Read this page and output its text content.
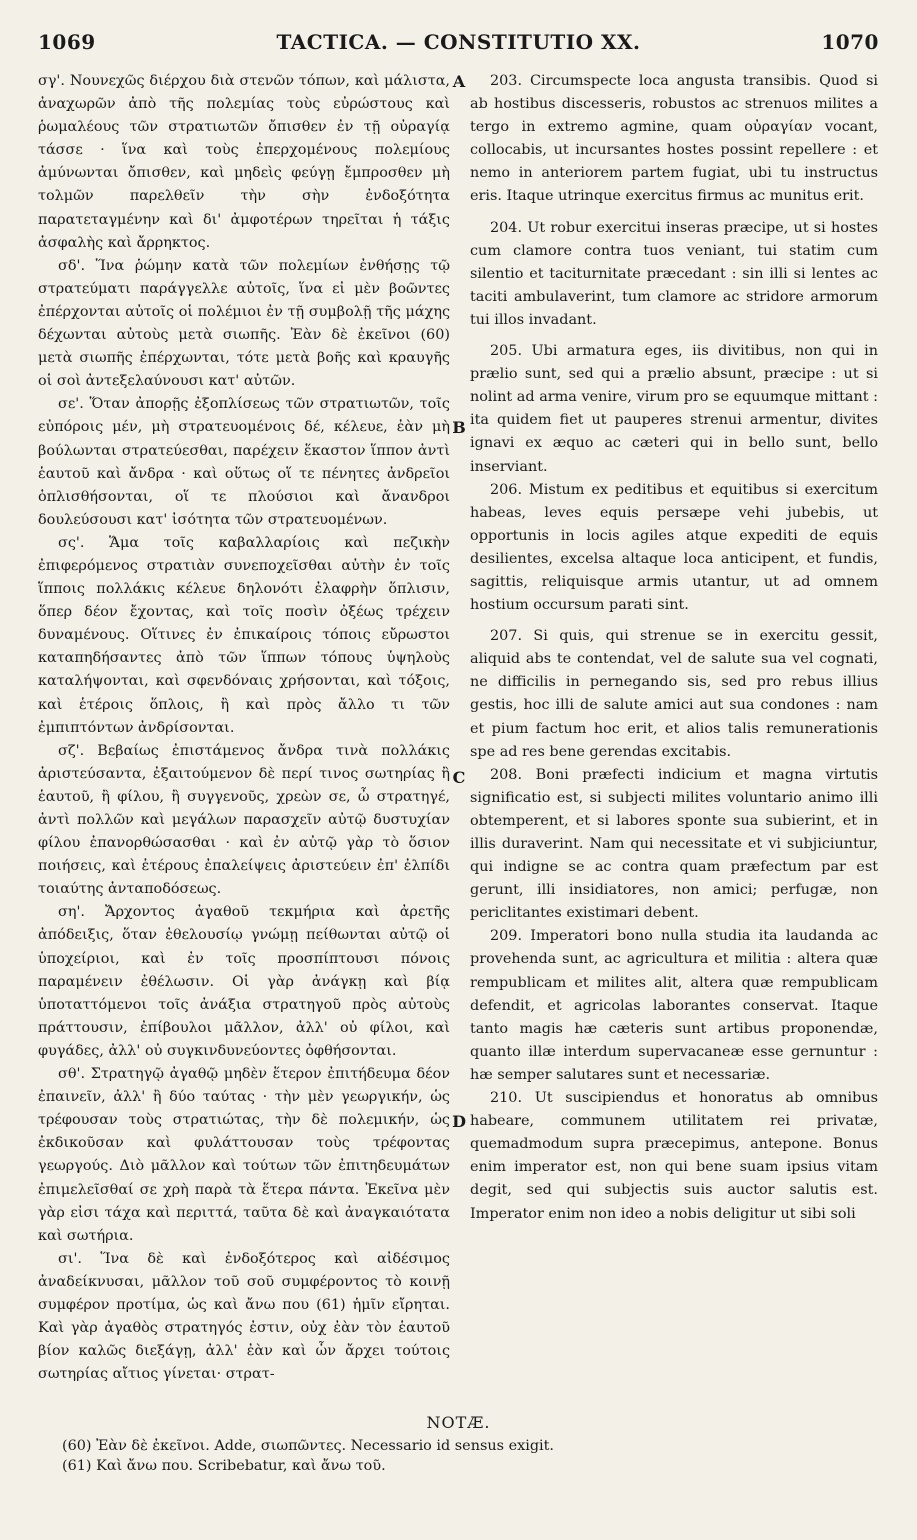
1069	TACTICA. — CONSTITUTIO XX.	1070

σγ'. Νουνεχῶς διέρχου διὰ στενῶν τόπων, καὶ μάλιστα, ἀναχωρῶν ἀπὸ τῆς πολεμίας τοὺς εὐρώστους καὶ ῥωμαλέους τῶν στρατιωτῶν ὄπισθεν ἐν τῇ οὐραγίᾳ τάσσε · ἵνα καὶ τοὺς ἐπερχομένους πολεμίους ἀμύνωνται ὄπισθεν, καὶ μηδεὶς φεύγῃ ἔμπροσθεν μὴ τολμῶν παρελθεῖν τὴν σὴν ἐνδοξότητα παρατεταγμένην καὶ δι' ἀμφοτέρων τηρεῖται ἡ τάξις ἀσφαλὴς καὶ ἄρρηκτος.

σδ'. Ἵνα ῥώμην κατὰ τῶν πολεμίων ἐνθήσῃς τῷ στρατεύματι παράγγελλε αὐτοῖς, ἵνα εἰ μὲν βοῶντες ἐπέρχονται αὐτοῖς οἱ πολέμιοι ἐν τῇ συμβολῇ τῆς μάχης δέχωνται αὐτοὺς μετὰ σιωπῆς. Ἐὰν δὲ ἐκεῖνοι (60) μετὰ σιωπῆς ἐπέρχωνται, τότε μετὰ βοῆς καὶ κραυγῆς οἱ σοὶ ἀντεξελαύνουσι κατ' αὐτῶν.

σε'. Ὅταν ἀπορῇς ἐξοπλίσεως τῶν στρατιωτῶν, τοῖς εὐπόροις μέν, μὴ στρατευομένοις δέ, κέλευε, ἐὰν μὴ βούλωνται στρατεύεσθαι, παρέχειν ἕκαστον ἵππον ἀντὶ ἑαυτοῦ καὶ ἄνδρα · καὶ οὕτως οἵ τε πένητες ἀνδρεῖοι ὁπλισθήσονται, οἵ τε πλούσιοι καὶ ἄνανδροι δουλεύσουσι κατ' ἰσότητα τῶν στρατευομένων.

σς'. Ἅμα τοῖς καβαλλαρίοις καὶ πεζικὴν ἐπιφερόμενος στρατιὰν συνεποχεῖσθαι αὐτὴν ἐν τοῖς ἵπποις πολλάκις κέλευε δηλονότι ἐλαφρὴν ὅπλισιν, ὅπερ δέον ἔχοντας, καὶ τοῖς ποσὶν ὀξέως τρέχειν δυναμένους. Οἵτινες ἐν ἐπικαίροις τόποις εὔρωστοι καταπηδήσαντες ἀπὸ τῶν ἵππων τόπους ὑψηλοὺς καταλήψονται, καὶ σφενδόναις χρήσονται, καὶ τόξοις, καὶ ἑτέροις ὅπλοις, ἢ καὶ πρὸς ἄλλο τι τῶν ἐμπιπτόντων ἀνδρίσονται.

σζ'. Βεβαίως ἐπιστάμενος ἄνδρα τινὰ πολλάκις ἀριστεύσαντα, ἐξαιτούμενον δὲ περί τινος σωτηρίας ἢ ἑαυτοῦ, ἢ φίλου, ἢ συγγενοῦς, χρεὼν σε, ὦ στρατηγέ, ἀντὶ πολλῶν καὶ μεγάλων παρασχεῖν αὐτῷ δυστυχίαν φίλου ἐπανορθώσασθαι · καὶ ἐν αὐτῷ γὰρ τὸ ὅσιον ποιήσεις, καὶ ἑτέρους ἐπαλείψεις ἀριστεύειν ἐπ' ἐλπίδι τοιαύτης ἀνταποδόσεως.

ση'. Ἄρχοντος ἀγαθοῦ τεκμήρια καὶ ἀρετῆς ἀπόδειξις, ὅταν ἐθελουσίῳ γνώμῃ πείθωνται αὐτῷ οἱ ὑποχείριοι, καὶ ἐν τοῖς προσπίπτουσι πόνοις παραμένειν ἐθέλωσιν. Οἱ γὰρ ἀνάγκῃ καὶ βίᾳ ὑποταττόμενοι τοῖς ἀνάξια στρατηγοῦ πρὸς αὐτοὺς πράττουσιν, ἐπίβουλοι μᾶλλον, ἀλλ' οὐ φίλοι, καὶ φυγάδες, ἀλλ' οὐ συγκινδυνεύοντες ὀφθήσονται.

σθ'. Στρατηγῷ ἀγαθῷ μηδὲν ἕτερον ἐπιτήδευμα δέον ἐπαινεῖν, ἀλλ' ἢ δύο ταύτας · τὴν μὲν γεωργικήν, ὡς τρέφουσαν τοὺς στρατιώτας, τὴν δὲ πολεμικήν, ὡς ἐκδικοῦσαν καὶ φυλάττουσαν τοὺς τρέφοντας γεωργούς. Διὸ μᾶλλον καὶ τούτων τῶν ἐπιτηδευμάτων ἐπιμελεῖσθαί σε χρὴ παρὰ τὰ ἕτερα πάντα. Ἐκεῖνα μὲν γὰρ εἰσι τάχα καὶ περιττά, ταῦτα δὲ καὶ ἀναγκαιότατα καὶ σωτήρια.

σι'. Ἵνα δὲ καὶ ἐνδοξότερος καὶ αἰδέσιμος ἀναδείκνυσαι, μᾶλλον τοῦ σοῦ συμφέροντος τὸ κοινῇ συμφέρον προτίμα, ὡς καὶ ἄνω που (61) ἡμῖν εἴρηται. Καὶ γὰρ ἀγαθὸς στρατηγός ἐστιν, οὐχ ἐὰν τὸν ἑαυτοῦ βίον καλῶς διεξάγῃ, ἀλλ' ἐὰν καὶ ὧν ἄρχει τούτοις σωτηρίας αἴτιος γίνεται· στρατ-

A
B
C
D

203. Circumspecte loca angusta transibis. Quod si ab hostibus discesseris, robustos ac strenuos milites a tergo in extremo agmine, quam οὐραγίαν vocant, collocabis, ut incursantes hostes possint repellere : et nemo in anteriorem partem fugiat, ubi tu instructus eris. Itaque utrinque exercitus firmus ac munitus erit.

204. Ut robur exercitui inseras præcipe, ut si hostes cum clamore contra tuos veniant, tui statim cum silentio et taciturnitate præcedant : sin illi si lentes ac taciti ambulaverint, tum clamore ac stridore armorum tui illos invadant.

205. Ubi armatura eges, iis divitibus, non qui in prælio sunt, sed qui a prælio absunt, præcipe : ut si nolint ad arma venire, virum pro se equumque mittant : ita quidem fiet ut pauperes strenui armentur, divites ignavi ex æquo ac cæteri qui in bello sunt, bello inserviant.

206. Mistum ex peditibus et equitibus si exercitum habeas, leves equis persæpe vehi jubebis, ut opportunis in locis agiles atque expediti de equis desilientes, excelsa altaque loca anticipent, et fundis, sagittis, reliquisque armis utantur, ut ad omnem hostium occursum parati sint.

207. Si quis, qui strenue se in exercitu gessit, aliquid abs te contendat, vel de salute sua vel cognati, ne difficilis in pernegando sis, sed pro rebus illius gestis, hoc illi de salute amici aut sua condones : nam et pium factum hoc erit, et alios talis remunerationis spe ad res bene gerendas excitabis.

208. Boni præfecti indicium et magna virtutis significatio est, si subjecti milites voluntario animo illi obtemperent, et si labores sponte sua subierint, et in illis duraverint. Nam qui necessitate et vi subjiciuntur, qui indigne se ac contra quam præfectum par est gerunt, illi insidiatores, non amici; perfugæ, non periclitantes existimari debent.

209. Imperatori bono nulla studia ita laudanda ac provehenda sunt, ac agricultura et militia : altera quæ rempublicam et milites alit, altera quæ rempublicam defendit, et agricolas laborantes conservat. Itaque tanto magis hæ cæteris sunt artibus proponendæ, quanto illæ interdum supervacaneæ esse gernuntur : hæ semper salutares sunt et necessariæ.

210. Ut suscipiendus et honoratus ab omnibus habeare, communem utilitatem rei privatæ, quemadmodum supra præcepimus, antepone. Bonus enim imperator est, non qui bene suam ipsius vitam degit, sed qui subjectis suis auctor salutis est. Imperator enim non ideo a nobis deligitur ut sibi soli

NOTÆ.

(60) Ἐὰν δὲ ἐκεῖνοι. Adde, σιωπῶντες. Necessario id sensus exigit.

(61) Καὶ ἄνω που. Scribebatur, καὶ ἄνω τοῦ.
